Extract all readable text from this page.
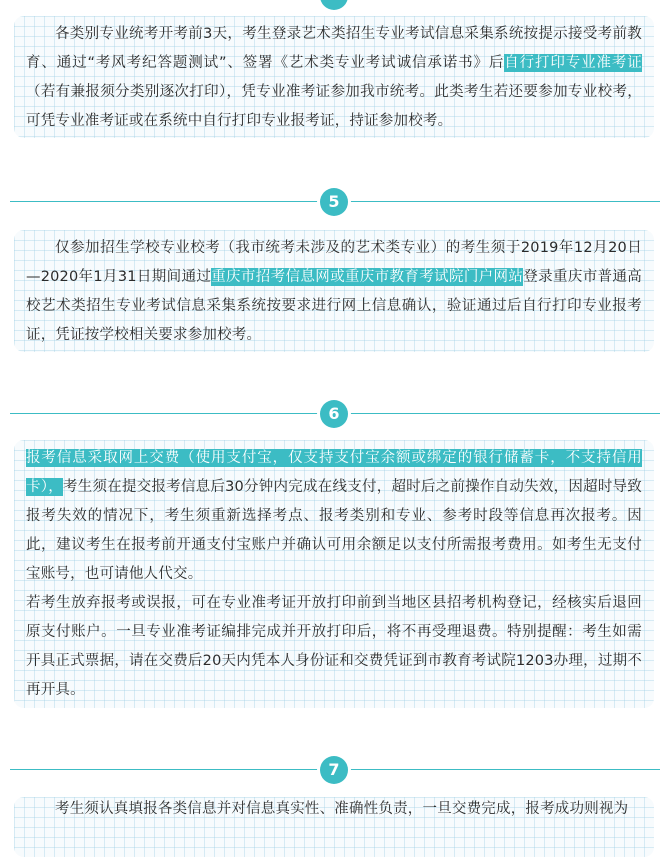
各类别专业统考开考前3天，考生登录艺术类招生专业考试信息采集系统按提示接受考前教育、通过“考风考纪答题测试”、签署《艺术类专业考试诚信承诺书》后自行打印专业准考证（若有兼报须分类别逐次打印），凭专业准考证参加我市统考。此类考生若还要参加专业校考，可凭专业准考证或在系统中自行打印专业报考证，持证参加校考。

5

仅参加招生学校专业校考（我市统考未涉及的艺术类专业）的考生须于2019年12月20日—2020年1月31日期间通过重庆市招考信息网或重庆市教育考试院门户网站登录重庆市普通高校艺术类招生专业考试信息采集系统按要求进行网上信息确认，验证通过后自行打印专业报考证，凭证按学校相关要求参加校考。

6

报考信息采取网上交费（使用支付宝，仅支持支付宝余额或绑定的银行储蓄卡，不支持信用卡），考生须在提交报考信息后30分钟内完成在线支付，超时后之前操作自动失效，因超时导致报考失效的情况下，考生须重新选择考点、报考类别和专业、参考时段等信息再次报考。因此，建议考生在报考前开通支付宝账户并确认可用余额足以支付所需报考费用。如考生无支付宝账号，也可请他人代交。

若考生放弃报考或误报，可在专业准考证开放打印前到当地区县招考机构登记，经核实后退回原支付账户。一旦专业准考证编排完成并开放打印后，将不再受理退费。特别提醒：考生如需开具正式票据，请在交费后20天内凭本人身份证和交费凭证到市教育考试院1203办理，过期不再开具。

7

考生须认真填报各类信息并对信息真实性、准确性负责，一旦交费完成，报考成功则视为
